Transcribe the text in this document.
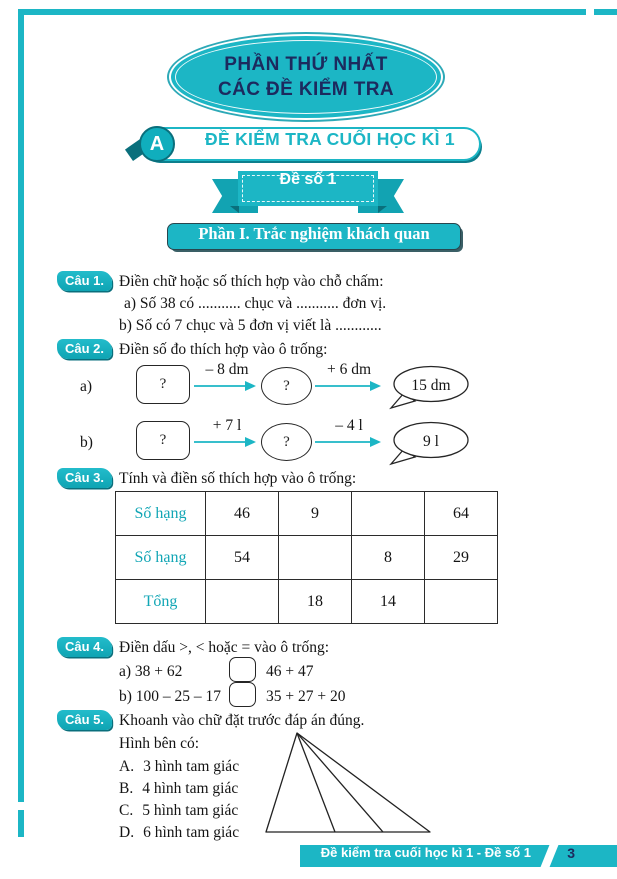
PHẦN THỨ NHẤT
CÁC ĐỀ KIỂM TRA
ĐỀ KIỂM TRA CUỐI HỌC KÌ 1
A
Đề số 1
Phần I. Trắc nghiệm khách quan
Câu 1. Điền chữ hoặc số thích hợp vào chỗ chấm:
a) Số 38 có ........... chục và ........... đơn vị.
b) Số có 7 chục và 5 đơn vị viết là ............
Câu 2. Điền số đo thích hợp vào ô trống:
a)	?
– 8 dm
?
+ 6 dm
15 dm
b)	?
+ 7 l
?
– 4 l
9 l
Câu 3. Tính và điền số thích hợp vào ô trống:
Số hạng	46	9		64
Số hạng	54		8	29
Tổng		18	14	
Câu 4. Điền dấu >, < hoặc = vào ô trống:
a) 38 + 62	46 + 47
b) 100 – 25 – 17	35 + 27 + 20
Câu 5. Khoanh vào chữ đặt trước đáp án đúng.
Hình bên có:
A. 3 hình tam giác
B. 4 hình tam giác
C. 5 hình tam giác
D. 6 hình tam giác
Đề kiểm tra cuối học kì 1 - Đề số 1	3
